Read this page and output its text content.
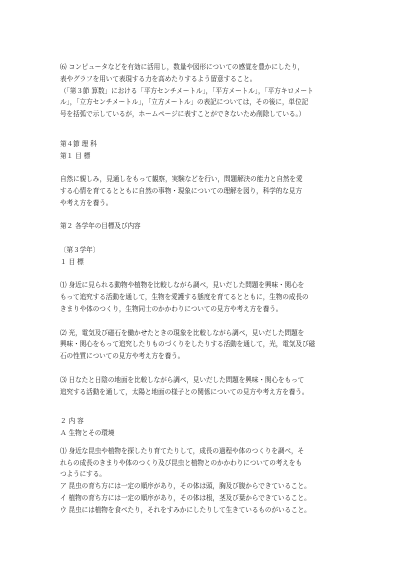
⑹ コンピュータなどを有効に活用し，数量や図形についての感覚を豊かにしたり，
表やグラフを用いて表現する力を高めたりするよう留意すること。
（「第３節 算数」における「平方センチメートル」，「平方メートル」，「平方キロメート
ル」，「立方センチメートル」，「立方メートル」の表記については，その後に，単位記
号を括弧で示しているが，ホームページに表すことができないため削除している。）
第４節 理 科
第１ 目 標
自然に親しみ，見通しをもって観察，実験などを行い，問題解決の能力と自然を愛
する心情を育てるとともに自然の事物・現象についての理解を図り，科学的な見方
や考え方を養う。
第２ 各学年の目標及び内容
〔第３学年〕
１ 目 標
⑴ 身近に見られる動物や植物を比較しながら調べ，見いだした問題を興味・関心を
もって追究する活動を通して，生物を愛護する態度を育てるとともに，生物の成長の
きまりや体のつくり，生物同士のかかわりについての見方や考え方を養う。
⑵ 光，電気及び磁石を働かせたときの現象を比較しながら調べ，見いだした問題を
興味・関心をもって追究したりものづくりをしたりする活動を通して，光，電気及び磁
石の性質についての見方や考え方を養う。
⑶ 日なたと日陰の地面を比較しながら調べ，見いだした問題を興味・関心をもって
追究する活動を通して，太陽と地面の様子との関係についての見方や考え方を養う。
２ 内 容
Ａ 生物とその環境
⑴ 身近な昆虫や植物を探したり育てたりして，成長の過程や体のつくりを調べ，そ
れらの成長のきまりや体のつくり及び昆虫と植物とのかかわりについての考えをも
つようにする。
ア 昆虫の育ち方には一定の順序があり，その体は頭，胸及び腹からできていること。
イ 植物の育ち方には一定の順序があり，その体は根，茎及び葉からできていること。
ウ 昆虫には植物を食べたり，それをすみかにしたりして生きているものがいること。
